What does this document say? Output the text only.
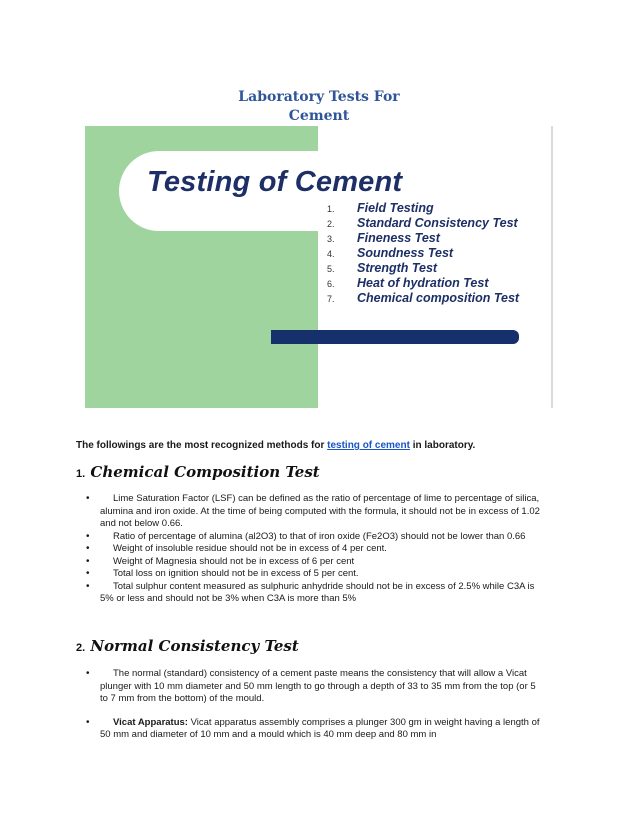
Laboratory Tests For
Cement
Testing of Cement
1. Field Testing
2. Standard Consistency Test
3. Fineness Test
4. Soundness Test
5. Strength Test
6. Heat of hydration Test
7. Chemical composition Test
The followings are the most recognized methods for testing of cement in laboratory.
1. Chemical Composition Test
• Lime Saturation Factor (LSF) can be defined as the ratio of percentage of lime to percentage of silica, alumina and iron oxide. At the time of being computed with the formula, it should not be in excess of 1.02 and not below 0.66.
• Ratio of percentage of alumina (al2O3) to that of iron oxide (Fe2O3) should not be lower than 0.66
• Weight of insoluble residue should not be in excess of 4 per cent.
• Weight of Magnesia should not be in excess of 6 per cent
• Total loss on ignition should not be in excess of 5 per cent.
• Total sulphur content measured as sulphuric anhydride should not be in excess of 2.5% while C3A is 5% or less and should not be 3% when C3A is more than 5%
2. Normal Consistency Test
• The normal (standard) consistency of a cement paste means the consistency that will allow a Vicat plunger with 10 mm diameter and 50 mm length to go through a depth of 33 to 35 mm from the top (or 5 to 7 mm from the bottom) of the mould.
• Vicat Apparatus: Vicat apparatus assembly comprises a plunger 300 gm in weight having a length of 50 mm and diameter of 10 mm and a mould which is 40 mm deep and 80 mm in
